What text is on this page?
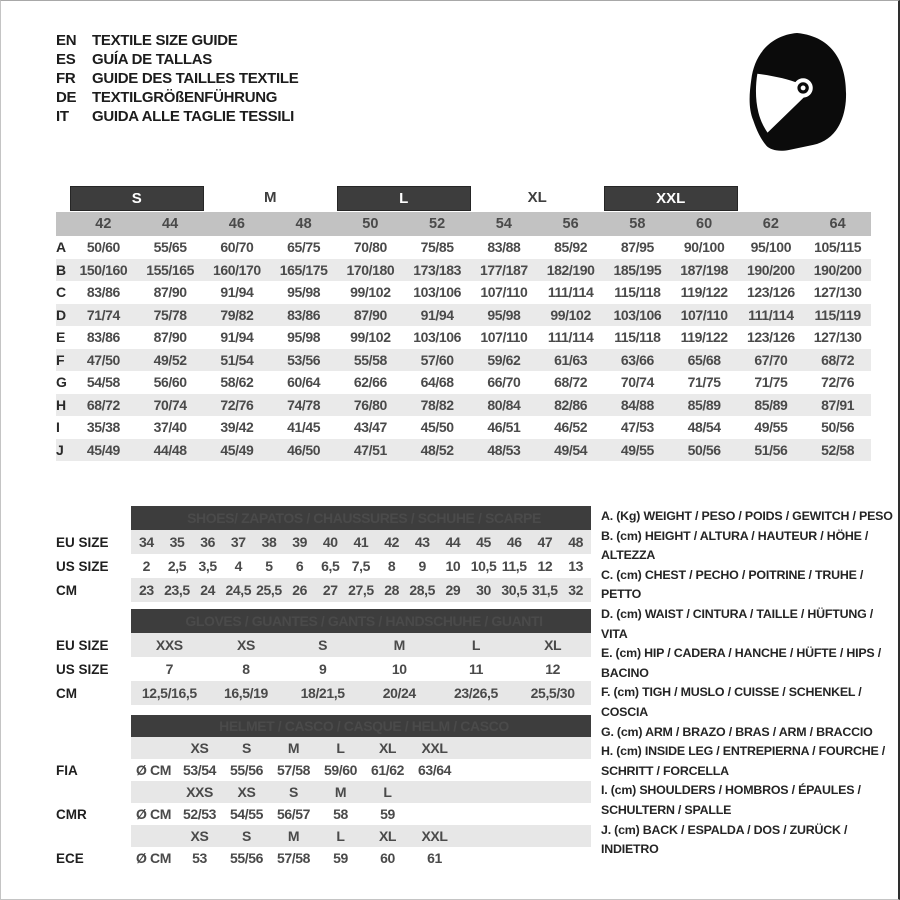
EN	TEXTILE SIZE GUIDE
ES	GUÍA DE TALLAS
FR	GUIDE DES TAILLES TEXTILE
DE	TEXTILGRÖßENFÜHRUNG
IT	GUIDA ALLE TAGLIE TESSILI

	S		M		L		XL		XXL			

	42	44	46	48	50	52	54	56	58	60	62	64
A	50/60	55/65	60/70	65/75	70/80	75/85	83/88	85/92	87/95	90/100	95/100	105/115
B	150/160	155/165	160/170	165/175	170/180	173/183	177/187	182/190	185/195	187/198	190/200	190/200
C	83/86	87/90	91/94	95/98	99/102	103/106	107/110	111/114	115/118	119/122	123/126	127/130
D	71/74	75/78	79/82	83/86	87/90	91/94	95/98	99/102	103/106	107/110	111/114	115/119
E	83/86	87/90	91/94	95/98	99/102	103/106	107/110	111/114	115/118	119/122	123/126	127/130
F	47/50	49/52	51/54	53/56	55/58	57/60	59/62	61/63	63/66	65/68	67/70	68/72
G	54/58	56/60	58/62	60/64	62/66	64/68	66/70	68/72	70/74	71/75	71/75	72/76
H	68/72	70/74	72/76	74/78	76/80	78/82	80/84	82/86	84/88	85/89	85/89	87/91
I	35/38	37/40	39/42	41/45	43/47	45/50	46/51	46/52	47/53	48/54	49/55	50/56
J	45/49	44/48	45/49	46/50	47/51	48/52	48/53	49/54	49/55	50/56	51/56	52/58
	SHOES/ ZAPATOS / CHAUSSURES / SCHUHE / SCARPE														
EU SIZE	34	35	36	37	38	39	40	41	42	43	44	45	46	47	48
US SIZE	2	2,5	3,5	4	5	6	6,5	7,5	8	9	10	10,5	11,5	12	13
CM	23	23,5	24	24,5	25,5	26	27	27,5	28	28,5	29	30	30,5	31,5	32
	GLOVES / GUANTES / GANTS / HANDSCHUHE / GUANTI					
EU SIZE	XXS	XS	S	M	L	XL
US SIZE	7	8	9	10	11	12
CM	12,5/16,5	16,5/19	18/21,5	20/24	23/26,5	25,5/30
	HELMET / CASCO / CASQUE / HELM / CASCO							
		XS	S	M	L	XL	XXL	
FIA	Ø CM	53/54	55/56	57/58	59/60	61/62	63/64	
		XXS	XS	S	M	L		
CMR	Ø CM	52/53	54/55	56/57	58	59		
		XS	S	M	L	XL	XXL	
ECE	Ø CM	53	55/56	57/58	59	60	61	
A. (Kg) WEIGHT / PESO / POIDS / GEWITCH / PESO
B. (cm) HEIGHT / ALTURA / HAUTEUR / HÖHE / ALTEZZA
C. (cm) CHEST / PECHO / POITRINE / TRUHE / PETTO
D. (cm) WAIST / CINTURA / TAILLE / HÜFTUNG / VITA
E. (cm) HIP / CADERA / HANCHE / HÜFTE / HIPS / BACINO
F. (cm) TIGH / MUSLO / CUISSE / SCHENKEL / COSCIA
G. (cm) ARM / BRAZO / BRAS / ARM / BRACCIO
H. (cm) INSIDE LEG / ENTREPIERNA / FOURCHE / SCHRITT / FORCELLA
I. (cm) SHOULDERS / HOMBROS / ÉPAULES / SCHULTERN / SPALLE
J. (cm) BACK / ESPALDA / DOS / ZURÜCK / INDIETRO
